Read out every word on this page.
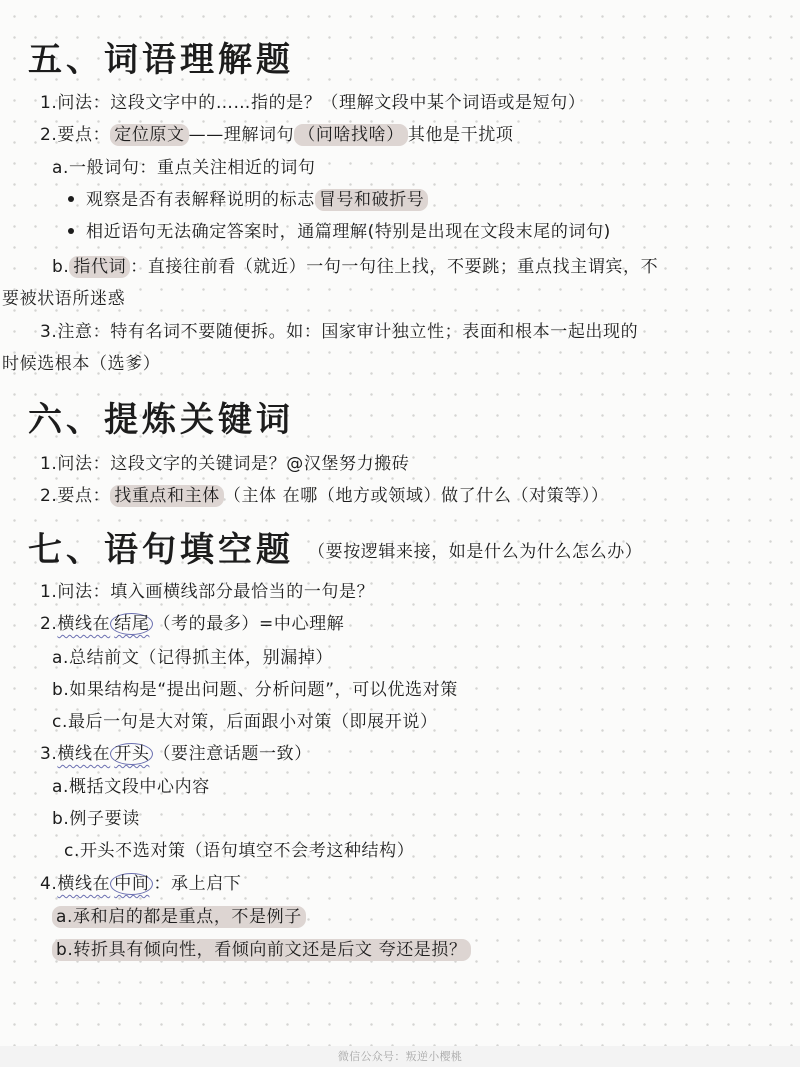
五、词语理解题
1.问法：这段文字中的……指的是？（理解文段中某个词语或是短句）
2.要点： 定位原文 ——理解词句 （问啥找啥） 其他是干扰项
a.一般词句：重点关注相近的词句
观察是否有表解释说明的标志 冒号和破折号
相近语句无法确定答案时，通篇理解(特别是出现在文段末尾的词句)
b. 指代词 ：直接往前看（就近）一句一句往上找，不要跳；重点找主谓宾，不
要被状语所迷惑
3.注意：特有名词不要随便拆。如：国家审计独立性；表面和根本一起出现的
时候选根本（选爹）
六、提炼关键词
1.问法：这段文字的关键词是？@汉堡努力搬砖
2.要点： 找重点和主体 （主体 在哪（地方或领域）做了什么（对策等））
七、语句填空题 （要按逻辑来接，如是什么为什么怎么办）
1.问法：填入画横线部分最恰当的一句是？
2.横线在 结尾 （考的最多）=中心理解
a.总结前文（记得抓主体，别漏掉）
b.如果结构是“提出问题、分析问题”，可以优选对策
c.最后一句是大对策，后面跟小对策（即展开说）
3.横线在 开头 （要注意话题一致）
a.概括文段中心内容
b.例子要读
c.开头不选对策（语句填空不会考这种结构）
4.横线在 中间 ：承上启下
a.承和启的都是重点，不是例子
b.转折具有倾向性，看倾向前文还是后文 夸还是损？
微信公众号：叛逆小樱桃
